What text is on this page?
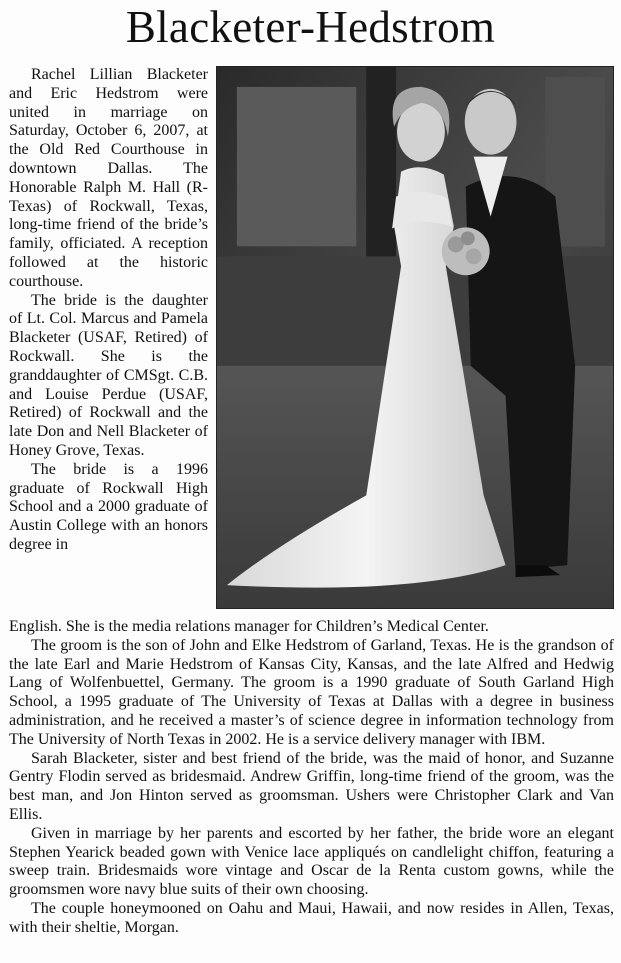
Blacketer-Hedstrom

Rachel Lillian Blacketer and Eric Hedstrom were united in marriage on Saturday, October 6, 2007, at the Old Red Courthouse in downtown Dallas. The Honorable Ralph M. Hall (R-Texas) of Rockwall, Texas, long-time friend of the bride’s family, officiated. A reception followed at the historic courthouse.

The bride is the daughter of Lt. Col. Marcus and Pamela Blacketer (USAF, Retired) of Rockwall. She is the granddaughter of CMSgt. C.B. and Louise Perdue (USAF, Retired) of Rockwall and the late Don and Nell Blacketer of Honey Grove, Texas.

The bride is a 1996 graduate of Rockwall High School and a 2000 graduate of Austin College with an honors degree in

English. She is the media relations manager for Children’s Medical Center.

The groom is the son of John and Elke Hedstrom of Garland, Texas. He is the grandson of the late Earl and Marie Hedstrom of Kansas City, Kansas, and the late Alfred and Hedwig Lang of Wolfenbuettel, Germany. The groom is a 1990 graduate of South Garland High School, a 1995 graduate of The University of Texas at Dallas with a degree in business administration, and he received a master’s of science degree in information technology from The University of North Texas in 2002. He is a service delivery manager with IBM.

Sarah Blacketer, sister and best friend of the bride, was the maid of honor, and Suzanne Gentry Flodin served as bridesmaid. Andrew Griffin, long-time friend of the groom, was the best man, and Jon Hinton served as groomsman. Ushers were Christopher Clark and Van Ellis.

Given in marriage by her parents and escorted by her father, the bride wore an elegant Stephen Yearick beaded gown with Venice lace appliqués on candlelight chiffon, featuring a sweep train. Bridesmaids wore vintage and Oscar de la Renta custom gowns, while the groomsmen wore navy blue suits of their own choosing.

The couple honeymooned on Oahu and Maui, Hawaii, and now resides in Allen, Texas, with their sheltie, Morgan.
